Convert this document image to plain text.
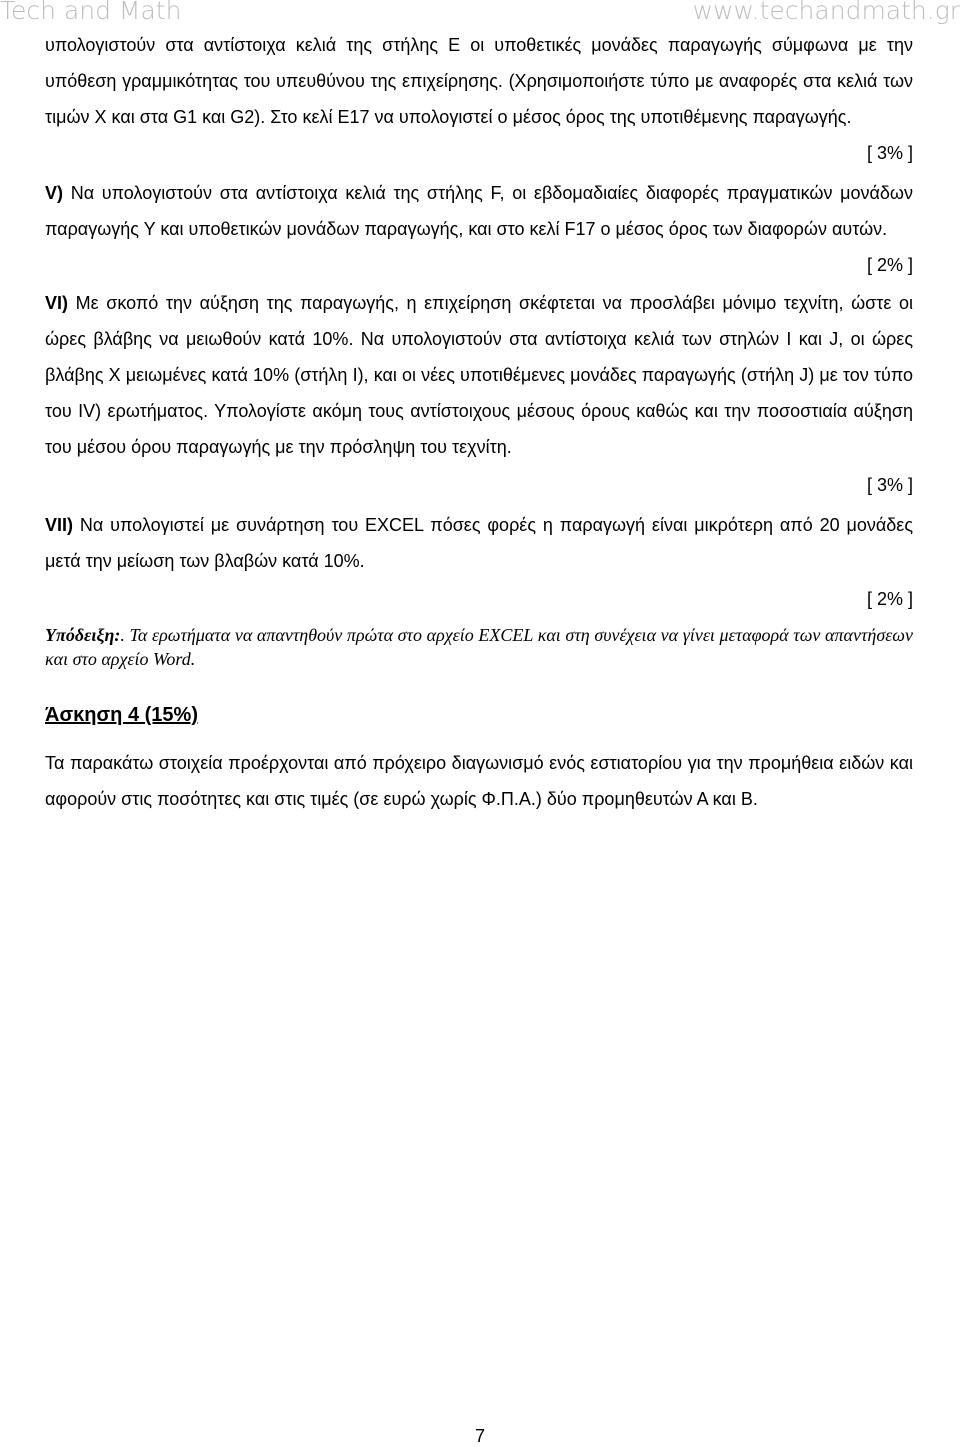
Tech and Math	www.techandmath.gr

υπολογιστούν στα αντίστοιχα κελιά της στήλης Ε οι υποθετικές μονάδες παραγωγής σύμφωνα με την υπόθεση γραμμικότητας του υπευθύνου της επιχείρησης. (Χρησιμοποιήστε τύπο με αναφορές στα κελιά των τιμών Χ και στα G1 και G2). Στο κελί E17 να υπολογιστεί ο μέσος όρος της υποτιθέμενης παραγωγής.

[ 3% ]

V) Να υπολογιστούν στα αντίστοιχα κελιά της στήλης F, οι εβδομαδιαίες διαφορές πραγματικών μονάδων παραγωγής Υ και υποθετικών μονάδων παραγωγής, και στο κελί F17 ο μέσος όρος των διαφορών αυτών.

[ 2% ]

VI) Με σκοπό την αύξηση της παραγωγής, η επιχείρηση σκέφτεται να προσλάβει μόνιμο τεχνίτη, ώστε οι ώρες βλάβης να μειωθούν κατά 10%. Να υπολογιστούν στα αντίστοιχα κελιά των στηλών I και J, οι ώρες βλάβης X μειωμένες κατά 10% (στήλη I), και οι νέες υποτιθέμενες μονάδες παραγωγής (στήλη J) με τον τύπο του IV) ερωτήματος. Υπολογίστε ακόμη τους αντίστοιχους μέσους όρους καθώς και την ποσοστιαία αύξηση του μέσου όρου παραγωγής με την πρόσληψη του τεχνίτη.

[ 3% ]

VII) Να υπολογιστεί με συνάρτηση του EXCEL πόσες φορές η παραγωγή είναι μικρότερη από 20 μονάδες μετά την μείωση των βλαβών κατά 10%.

[ 2% ]

Υπόδειξη:. Τα ερωτήματα να απαντηθούν πρώτα στο αρχείο EXCEL και στη συνέχεια να γίνει μεταφορά των απαντήσεων και στο αρχείο Word.

Άσκηση 4 (15%)

Τα παρακάτω στοιχεία προέρχονται από πρόχειρο διαγωνισμό ενός εστιατορίου για την προμήθεια ειδών και αφορούν στις ποσότητες και στις τιμές (σε ευρώ χωρίς Φ.Π.Α.) δύο προμηθευτών Α και Β.

7
